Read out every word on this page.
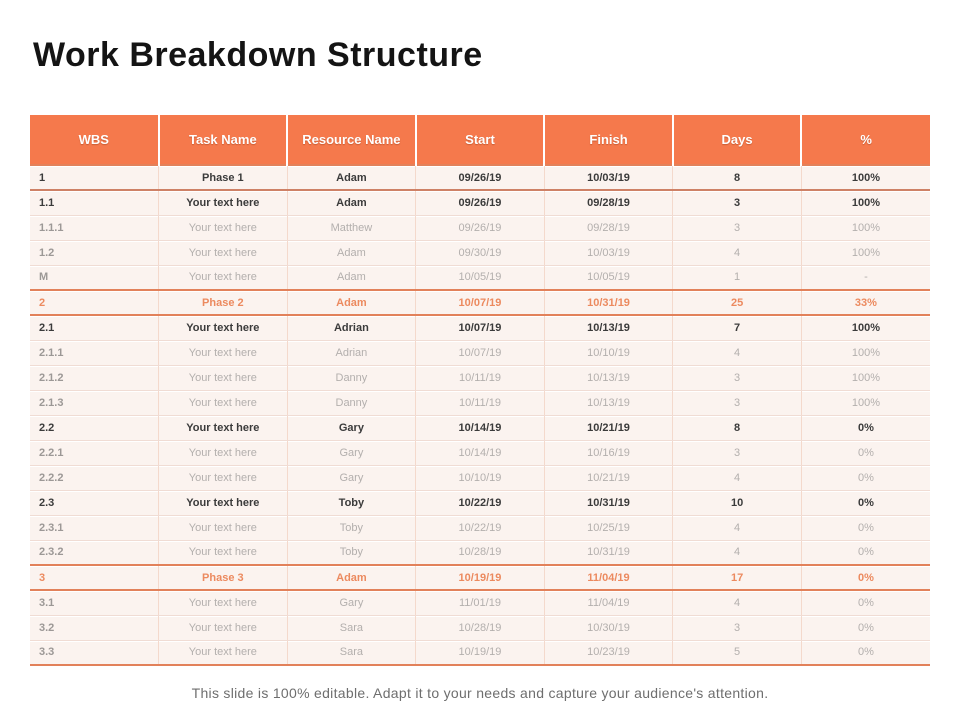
Work Breakdown Structure
WBS	Task Name	Resource Name	Start	Finish	Days	%
1	Phase 1	Adam	09/26/19	10/03/19	8	100%
1.1	Your text here	Adam	09/26/19	09/28/19	3	100%
1.1.1	Your text here	Matthew	09/26/19	09/28/19	3	100%
1.2	Your text here	Adam	09/30/19	10/03/19	4	100%
M	Your text here	Adam	10/05/19	10/05/19	1	-
2	Phase 2	Adam	10/07/19	10/31/19	25	33%
2.1	Your text here	Adrian	10/07/19	10/13/19	7	100%
2.1.1	Your text here	Adrian	10/07/19	10/10/19	4	100%
2.1.2	Your text here	Danny	10/11/19	10/13/19	3	100%
2.1.3	Your text here	Danny	10/11/19	10/13/19	3	100%
2.2	Your text here	Gary	10/14/19	10/21/19	8	0%
2.2.1	Your text here	Gary	10/14/19	10/16/19	3	0%
2.2.2	Your text here	Gary	10/10/19	10/21/19	4	0%
2.3	Your text here	Toby	10/22/19	10/31/19	10	0%
2.3.1	Your text here	Toby	10/22/19	10/25/19	4	0%
2.3.2	Your text here	Toby	10/28/19	10/31/19	4	0%
3	Phase 3	Adam	10/19/19	11/04/19	17	0%
3.1	Your text here	Gary	11/01/19	11/04/19	4	0%
3.2	Your text here	Sara	10/28/19	10/30/19	3	0%
3.3	Your text here	Sara	10/19/19	10/23/19	5	0%
This slide is 100% editable. Adapt it to your needs and capture your audience's attention.
